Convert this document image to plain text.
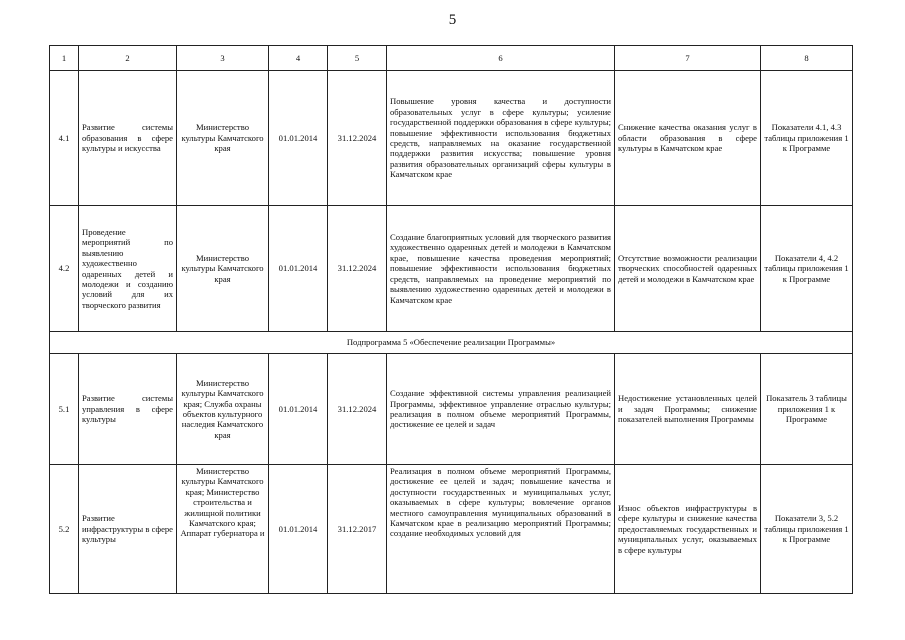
5
1	2	3	4	5	6	7	8
4.1	Развитие системы образования в сфере культуры и искусства	Министерство культуры Камчатского края	01.01.2014	31.12.2024	Повышение уровня качества и доступности образовательных услуг в сфере культуры; усиление государственной поддержки образования в сфере культуры; повышение эффективности использования бюджетных средств, направляемых на оказание государственной поддержки развития искусства; повышение уровня развития образовательных организаций сферы культуры в Камчатском крае	Снижение качества оказания услуг в области образования в сфере культуры в Камчатском крае	Показатели 4.1, 4.3 таблицы приложения 1 к Программе
4.2	Проведение мероприятий по выявлению художественно одаренных детей и молодежи и созданию условий для их творческого развития	Министерство культуры Камчатского края	01.01.2014	31.12.2024	Создание благоприятных условий для творческого развития художественно одаренных детей и молодежи в Камчатском крае, повышение качества проведения мероприятий; повышение эффективности использования бюджетных средств, направляемых на проведение мероприятий по выявлению художественно одаренных детей и молодежи в Камчатском крае	Отсутствие возможности реализации творческих способностей одаренных детей и молодежи в Камчатском крае	Показатели 4, 4.2 таблицы приложения 1 к Программе
Подпрограмма 5 «Обеспечение реализации Программы»							
5.1	Развитие системы управления в сфере культуры	Министерство культуры Камчатского края; Служба охраны объектов культурного наследия Камчатского края	01.01.2014	31.12.2024	Создание эффективной системы управления реализацией Программы, эффективное управление отраслью культуры; реализация в полном объеме мероприятий Программы, достижение ее целей и задач	Недостижение установленных целей и задач Программы; снижение показателей выполнения Программы	Показатель 3 таблицы приложения 1 к Программе
5.2	Развитие инфраструктуры в сфере культуры	Министерство культуры Камчатского края; Министерство строительства и жилищной политики Камчатского края; Аппарат губернатора и	01.01.2014	31.12.2017	Реализация в полном объеме мероприятий Программы, достижение ее целей и задач; повышение качества и доступности государственных и муниципальных услуг, оказываемых в сфере культуры; вовлечение органов местного самоуправления муниципальных образований в Камчатском крае в реализацию мероприятий Программы; создание необходимых условий для	Износ объектов инфраструктуры в сфере культуры и снижение качества предоставляемых государственных и муниципальных услуг, оказываемых в сфере культуры	Показатели 3, 5.2 таблицы приложения 1 к Программе
